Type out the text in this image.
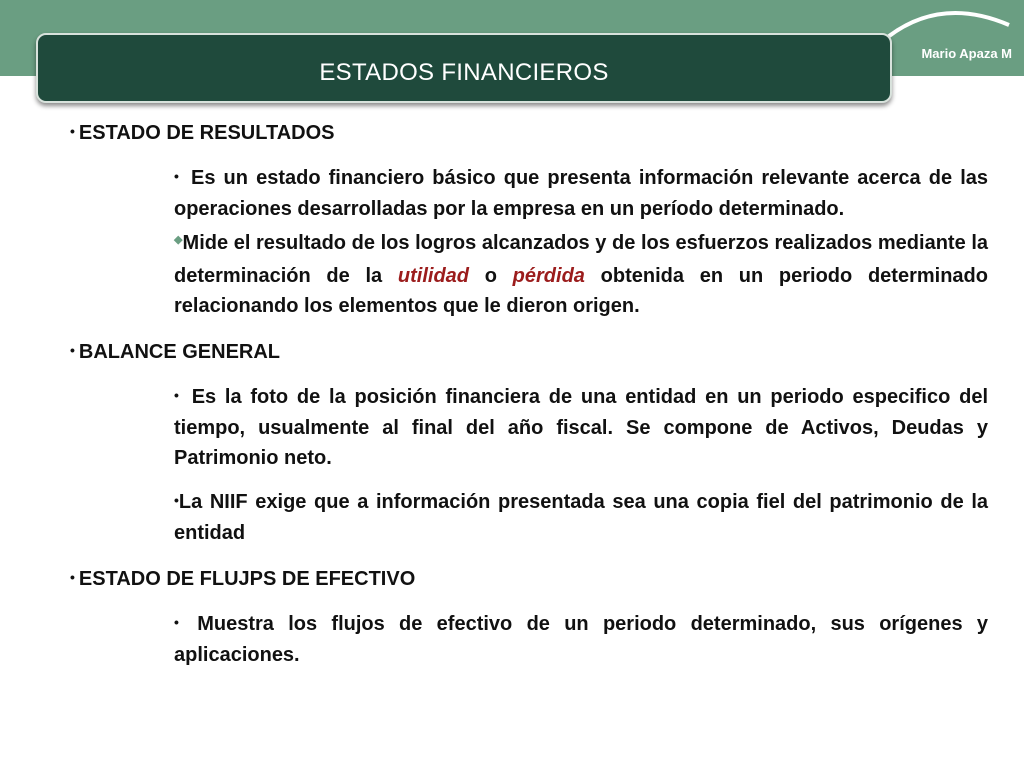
Mario Apaza M
ESTADOS FINANCIEROS
• ESTADO DE RESULTADOS
• Es un estado financiero básico que presenta información relevante acerca de las operaciones desarrolladas por la empresa en un período determinado.
◆Mide el resultado de los logros alcanzados y de los esfuerzos realizados mediante la determinación de la utilidad o pérdida obtenida en un periodo determinado relacionando los elementos que le dieron origen.
• BALANCE GENERAL
• Es la foto de la posición financiera de una entidad en un periodo especifico del tiempo, usualmente al final del año fiscal. Se compone de Activos, Deudas y Patrimonio neto.
•La NIIF exige que a información presentada sea una copia fiel del patrimonio de la entidad
• ESTADO DE FLUJPS DE EFECTIVO
• Muestra los flujos de efectivo de un periodo determinado, sus orígenes y aplicaciones.
